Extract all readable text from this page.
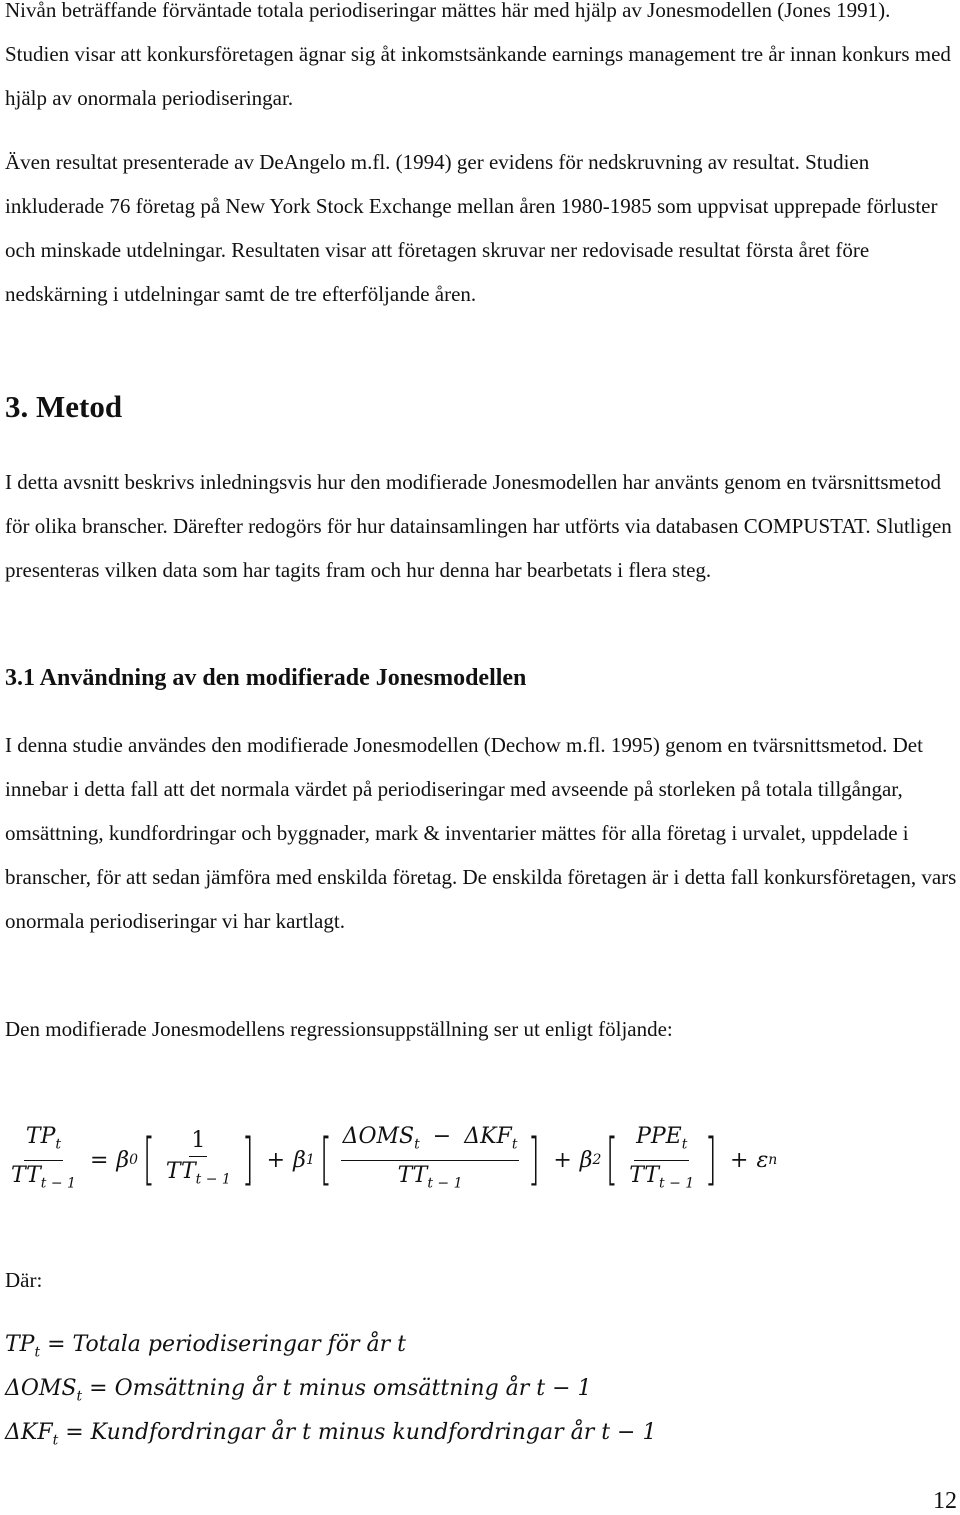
Nivån beträffande förväntade totala periodiseringar mättes här med hjälp av Jonesmodellen (Jones 1991). Studien visar att konkursföretagen ägnar sig åt inkomstsänkande earnings management tre år innan konkurs med hjälp av onormala periodiseringar.

Även resultat presenterade av DeAngelo m.fl. (1994) ger evidens för nedskruvning av resultat. Studien inkluderade 76 företag på New York Stock Exchange mellan åren 1980-1985 som uppvisat upprepade förluster och minskade utdelningar. Resultaten visar att företagen skruvar ner redovisade resultat första året före nedskärning i utdelningar samt de tre efterföljande åren.

3. Metod

I detta avsnitt beskrivs inledningsvis hur den modifierade Jonesmodellen har använts genom en tvärsnittsmetod för olika branscher. Därefter redogörs för hur datainsamlingen har utförts via databasen COMPUSTAT. Slutligen presenteras vilken data som har tagits fram och hur denna har bearbetats i flera steg.

3.1 Användning av den modifierade Jonesmodellen

I denna studie användes den modifierade Jonesmodellen (Dechow m.fl. 1995) genom en tvärsnittsmetod. Det innebar i detta fall att det normala värdet på periodiseringar med avseende på storleken på totala tillgångar, omsättning, kundfordringar och byggnader, mark & inventarier mättes för alla företag i urvalet, uppdelade i branscher, för att sedan jämföra med enskilda företag. De enskilda företagen är i detta fall konkursföretagen, vars onormala periodiseringar vi har kartlagt.

Den modifierade Jonesmodellens regressionsuppställning ser ut enligt följande:

$\frac{TP_t}{TT_{t - 1}} = \beta$ 0 [ $\frac{1}{TT_{t - 1}}$ ] + β 1 [ $\frac{\Delta OMS_t - \Delta KF_t}{TT_{t - 1}}$ ] + β 2 [ $\frac{PPE_t}{TT_{t - 1}}$ ] + ε n
Där:
$TP_t$ = Totala periodiseringar för år t
$\Delta OMS_t$ = Omsättning år t minus omsättning år t − 1
$\Delta KF_t$ = Kundfordringar år t minus kundfordringar år t − 1
12
